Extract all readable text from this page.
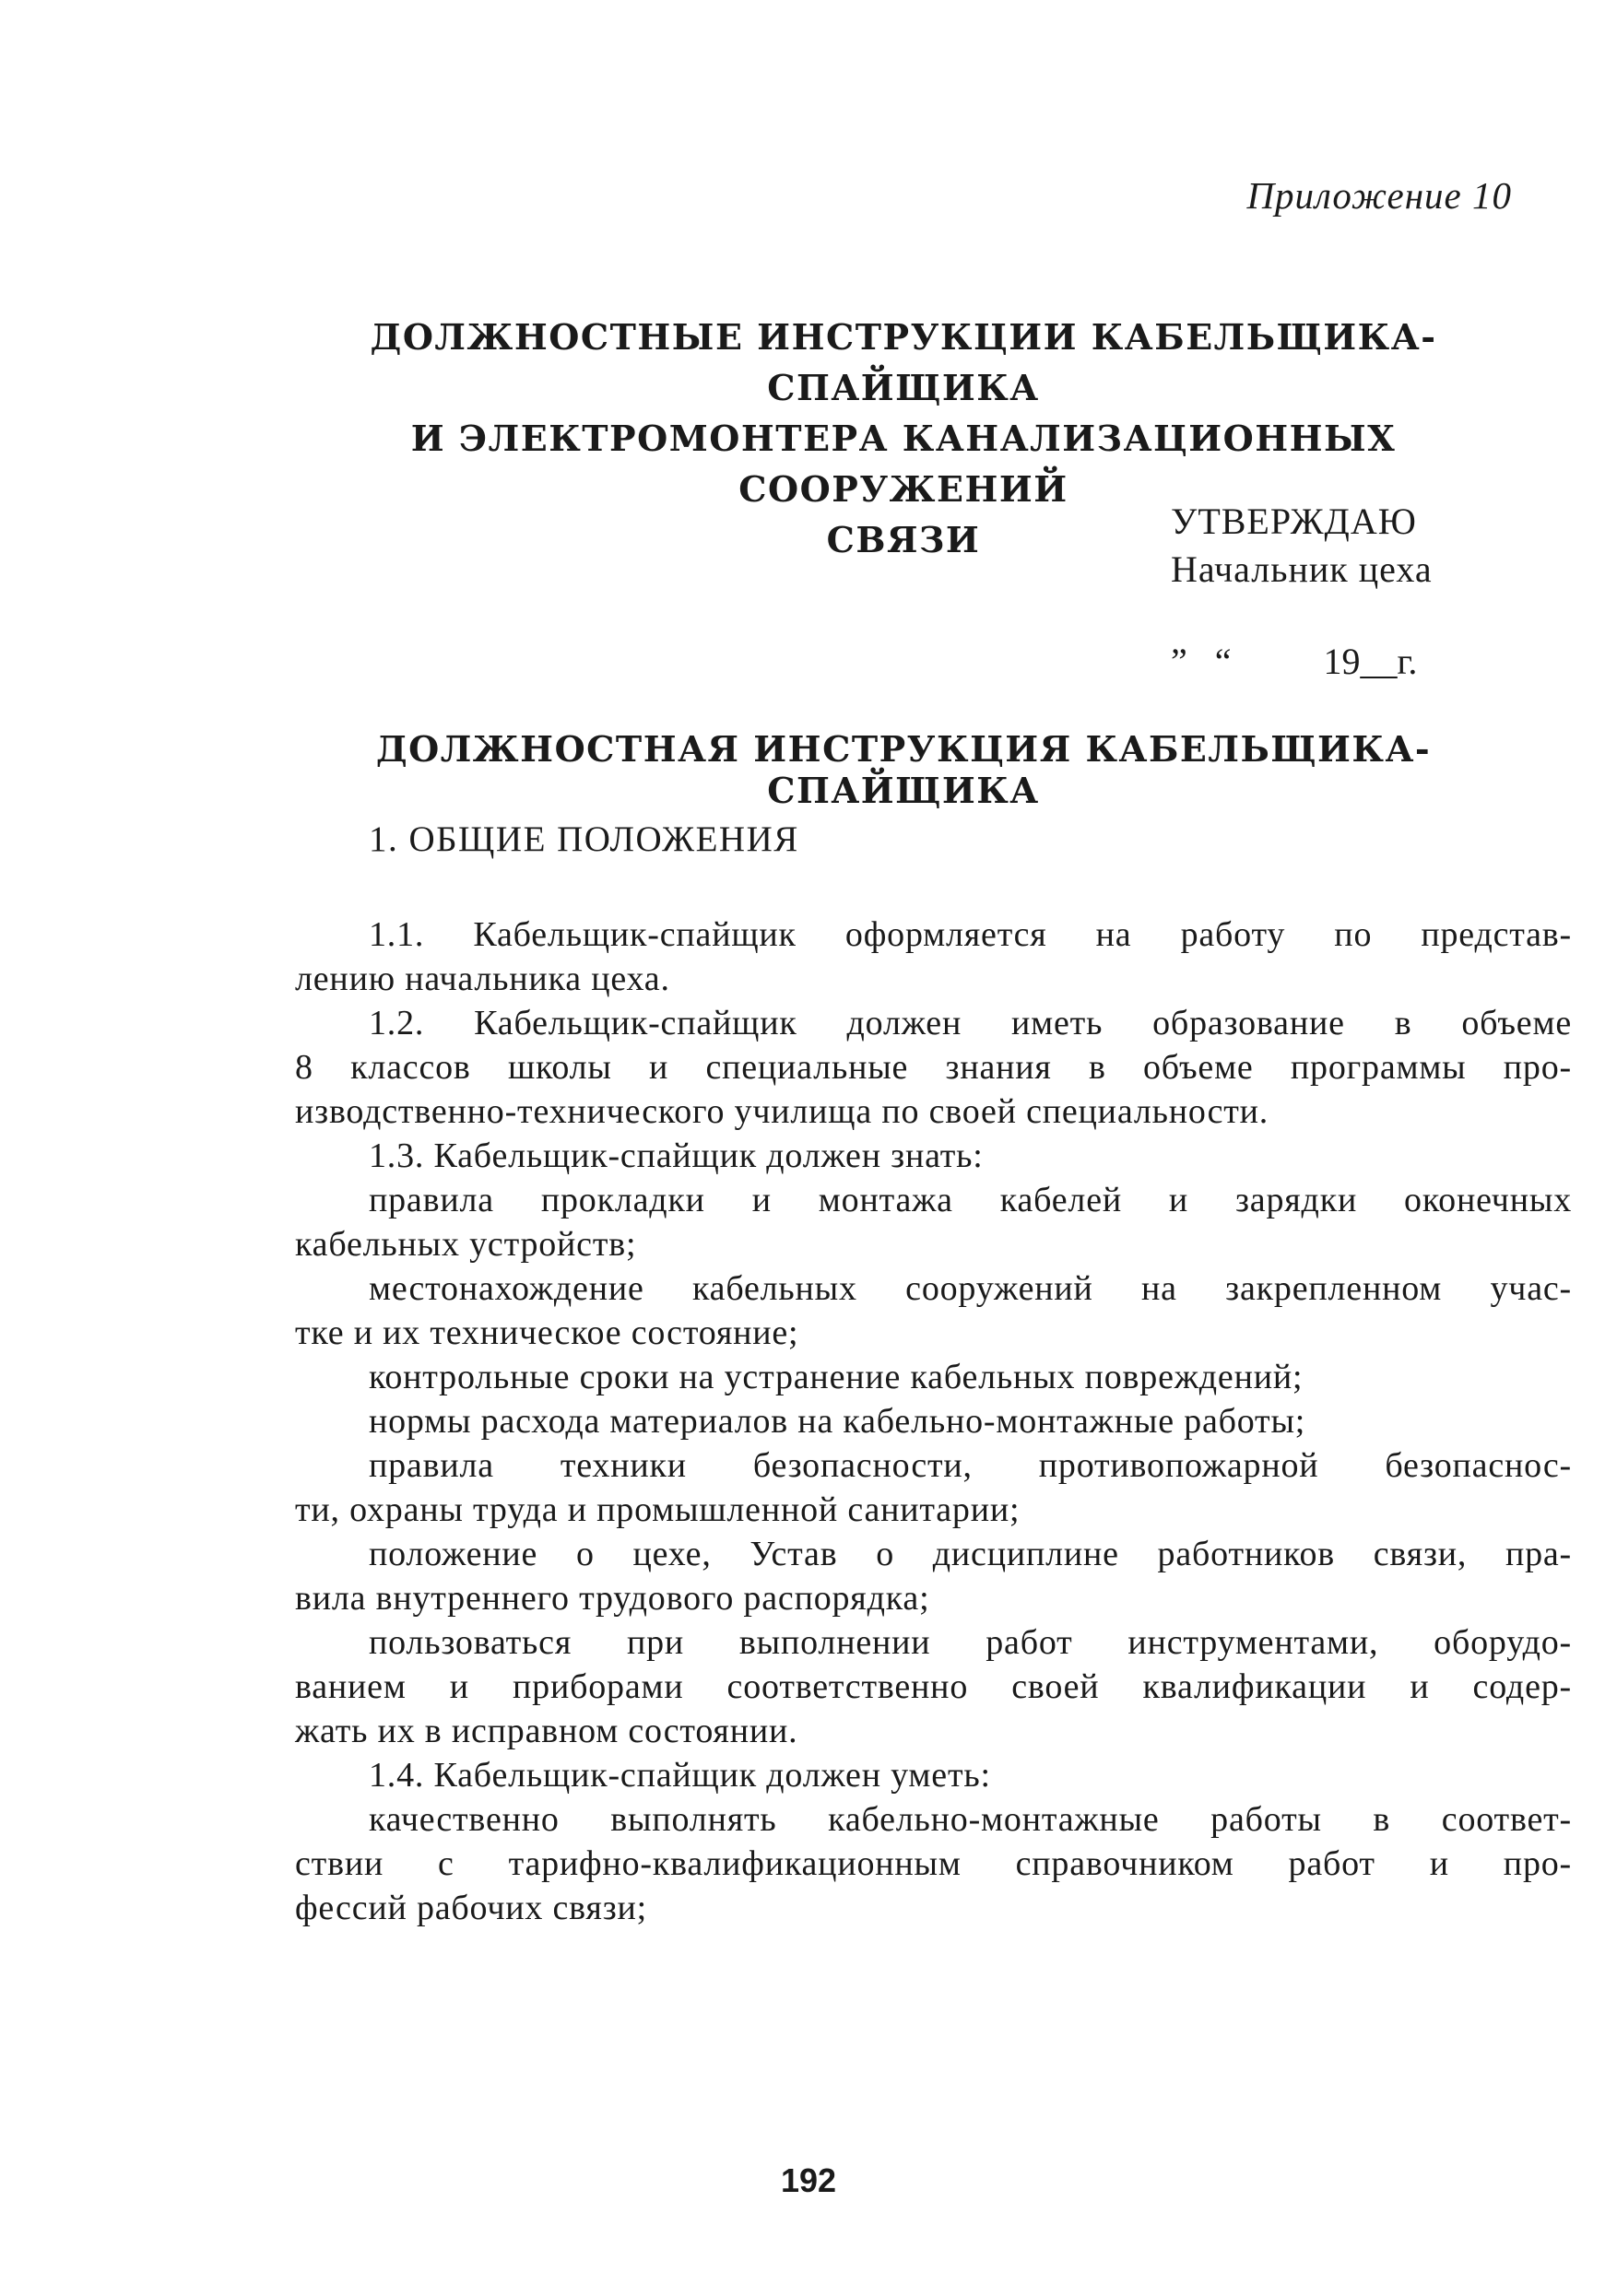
Приложение 10
ДОЛЖНОСТНЫЕ ИНСТРУКЦИИ КАБЕЛЬЩИКА-СПАЙЩИКА
И ЭЛЕКТРОМОНТЕРА КАНАЛИЗАЦИОННЫХ СООРУЖЕНИЙ
СВЯЗИ	УТВЕРЖДАЮ
Начальник цеха
”   “          19__г.
ДОЛЖНОСТНАЯ ИНСТРУКЦИЯ КАБЕЛЬЩИКА-СПАЙЩИКА
1. ОБЩИЕ ПОЛОЖЕНИЯ
1.1. Кабельщик-спайщик оформляется на работу по представ-
лению начальника цеха.
1.2. Кабельщик-спайщик должен иметь образование в объеме
8 классов школы и специальные знания в объеме программы про-
изводственно-технического училища по своей специальности.
1.3. Кабельщик-спайщик должен знать:
правила прокладки и монтажа кабелей и зарядки оконечных
кабельных устройств;
местонахождение кабельных сооружений на закрепленном учас-
тке и их техническое состояние;
контрольные сроки на устранение кабельных повреждений;
нормы расхода материалов на кабельно-монтажные работы;
правила техники безопасности, противопожарной безопаснос-
ти, охраны труда и промышленной санитарии;
положение о цехе, Устав о дисциплине работников связи, пра-
вила внутреннего трудового распорядка;
пользоваться при выполнении работ инструментами, оборудо-
ванием и приборами соответственно своей квалификации и содер-
жать их в исправном состоянии.
1.4. Кабельщик-спайщик должен уметь:
качественно выполнять кабельно-монтажные работы в соответ-
ствии с тарифно-квалификационным справочником работ и про-
фессий рабочих связи;
192
